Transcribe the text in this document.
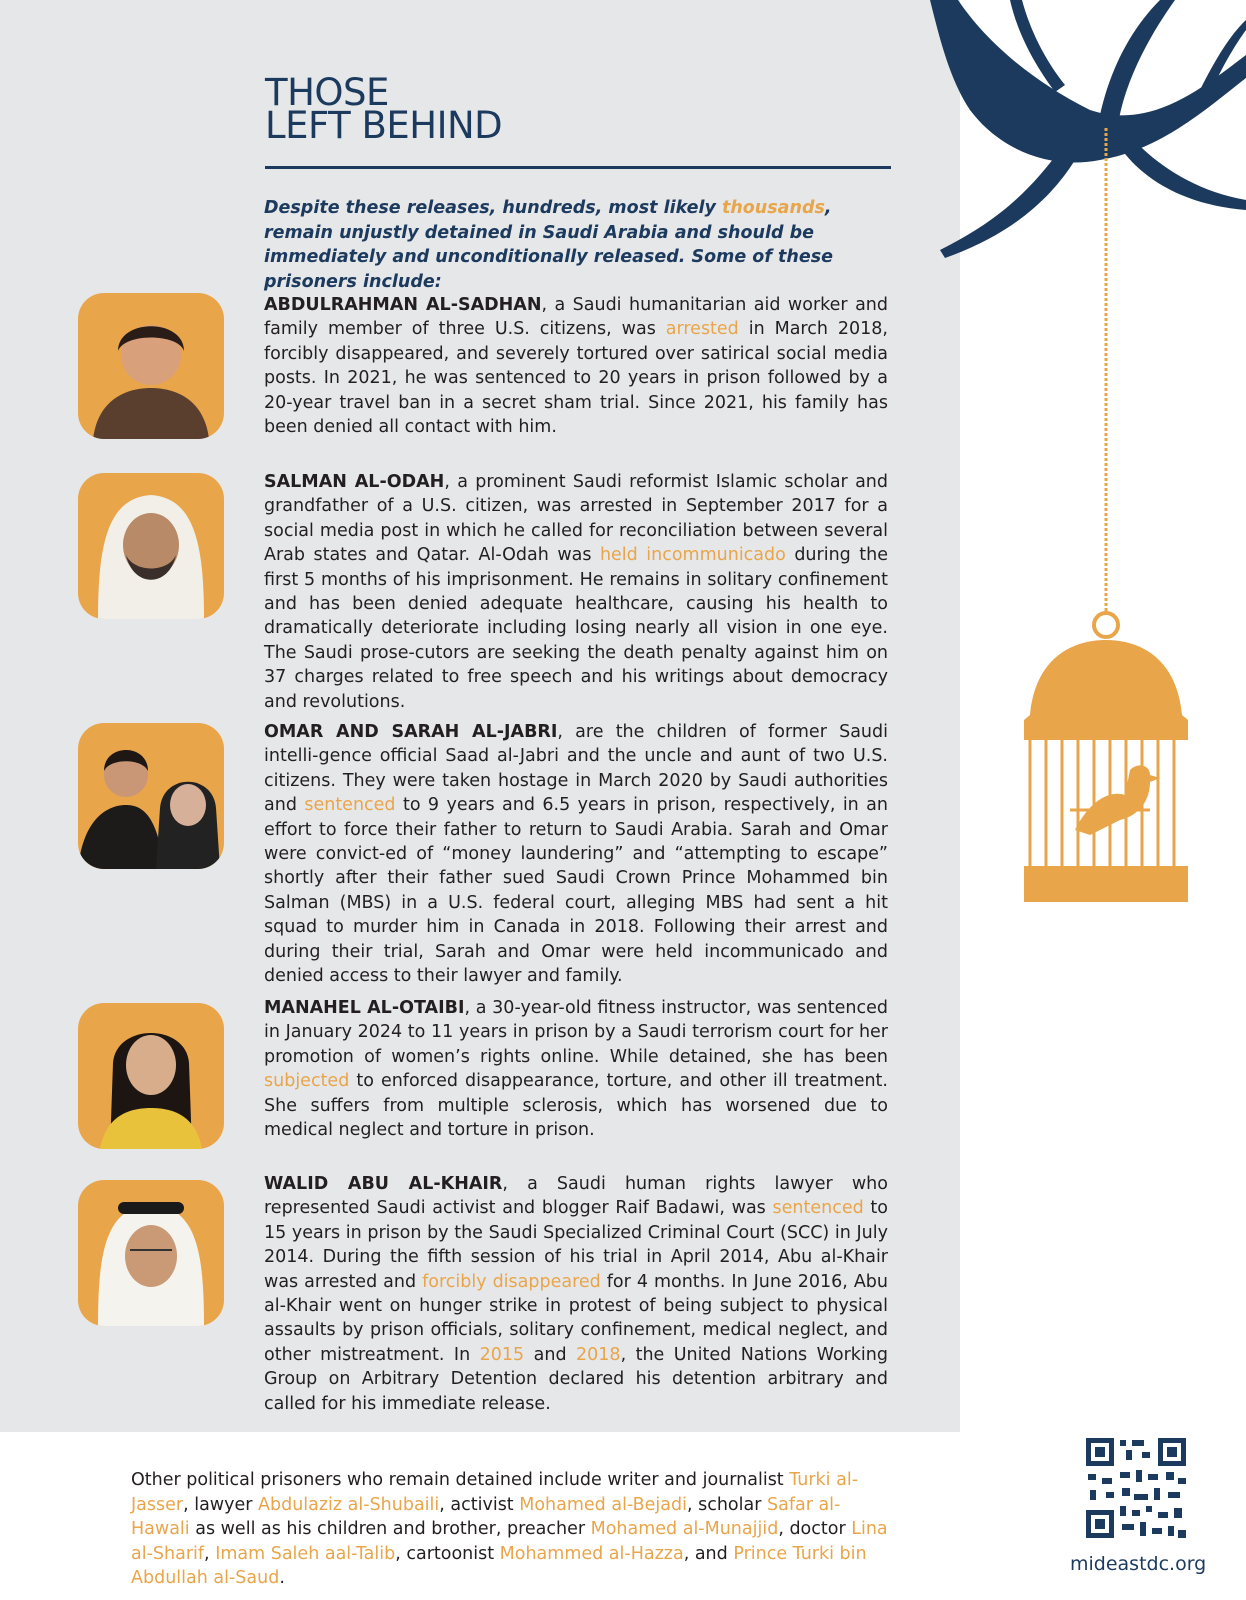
THOSE
LEFT BEHIND
Despite these releases, hundreds, most likely thousands, remain unjustly detained in Saudi Arabia and should be immediately and unconditionally released. Some of these prisoners include:
ABDULRAHMAN AL-SADHAN, a Saudi humanitarian aid worker and family member of three U.S. citizens, was arrested in March 2018, forcibly disappeared, and severely tortured over satirical social media posts. In 2021, he was sentenced to 20 years in prison followed by a 20-year travel ban in a secret sham trial. Since 2021, his family has been denied all contact with him.
SALMAN AL-ODAH, a prominent Saudi reformist Islamic scholar and grandfather of a U.S. citizen, was arrested in September 2017 for a social media post in which he called for reconciliation between several Arab states and Qatar. Al-Odah was held incommunicado during the first 5 months of his imprisonment. He remains in solitary confinement and has been denied adequate healthcare, causing his health to dramatically deteriorate including losing nearly all vision in one eye. The Saudi prose-cutors are seeking the death penalty against him on 37 charges related to free speech and his writings about democracy and revolutions.
OMAR AND SARAH AL-JABRI, are the children of former Saudi intelli-gence official Saad al-Jabri and the uncle and aunt of two U.S. citizens. They were taken hostage in March 2020 by Saudi authorities and sentenced to 9 years and 6.5 years in prison, respectively, in an effort to force their father to return to Saudi Arabia. Sarah and Omar were convict-ed of “money laundering” and “attempting to escape” shortly after their father sued Saudi Crown Prince Mohammed bin Salman (MBS) in a U.S. federal court, alleging MBS had sent a hit squad to murder him in Canada in 2018. Following their arrest and during their trial, Sarah and Omar were held incommunicado and denied access to their lawyer and family.
MANAHEL AL-OTAIBI, a 30-year-old fitness instructor, was sentenced in January 2024 to 11 years in prison by a Saudi terrorism court for her promotion of women’s rights online. While detained, she has been subjected to enforced disappearance, torture, and other ill treatment. She suffers from multiple sclerosis, which has worsened due to medical neglect and torture in prison.
WALID ABU AL-KHAIR, a Saudi human rights lawyer who represented Saudi activist and blogger Raif Badawi, was sentenced to 15 years in prison by the Saudi Specialized Criminal Court (SCC) in July 2014. During the fifth session of his trial in April 2014, Abu al-Khair was arrested and forcibly disappeared for 4 months. In June 2016, Abu al-Khair went on hunger strike in protest of being subject to physical assaults by prison officials, solitary confinement, medical neglect, and other mistreatment. In 2015 and 2018, the United Nations Working Group on Arbitrary Detention declared his detention arbitrary and called for his immediate release.
Other political prisoners who remain detained include writer and journalist Turki al-Jasser, lawyer Abdulaziz al-Shubaili, activist Mohamed al-Bejadi, scholar Safar al-Hawali as well as his children and brother, preacher Mohamed al-Munajjid, doctor Lina al-Sharif, Imam Saleh aal-Talib, cartoonist Mohammed al-Hazza, and Prince Turki bin Abdullah al-Saud.
mideastdc.org
